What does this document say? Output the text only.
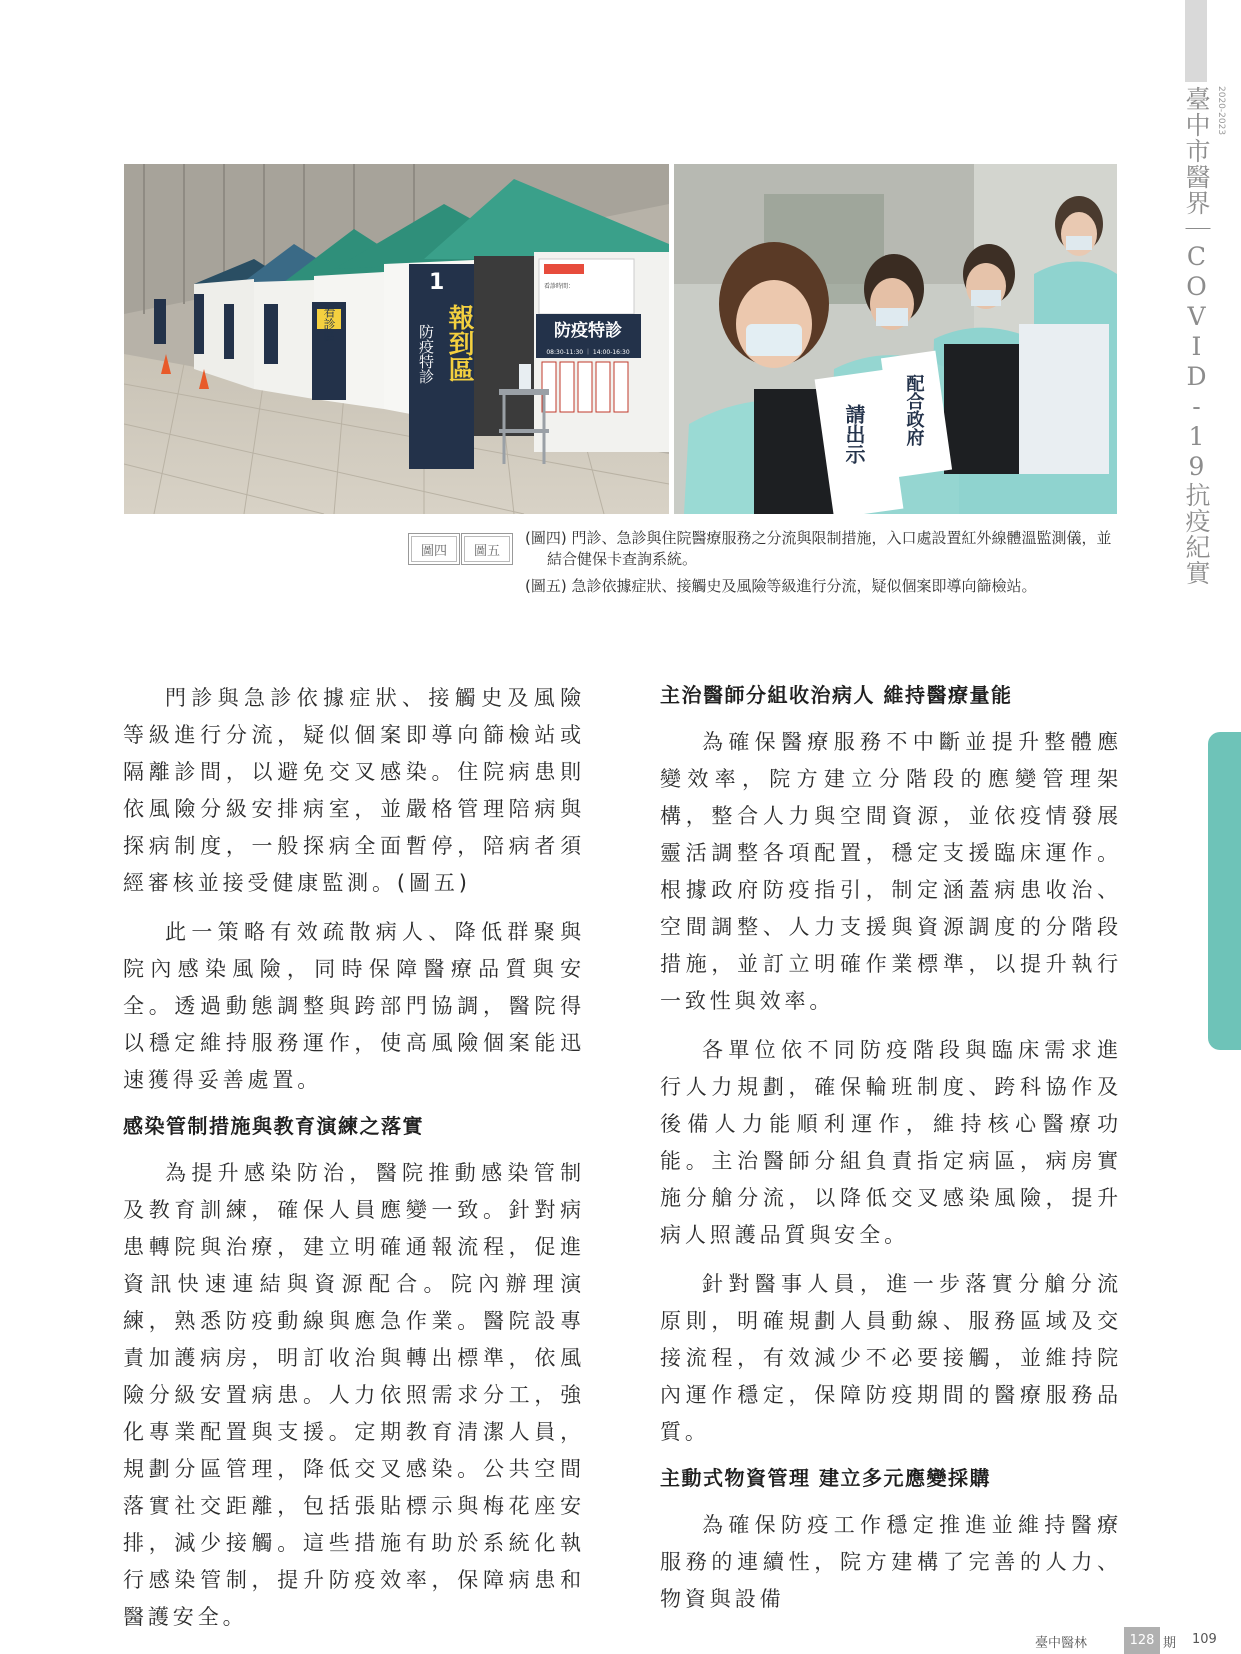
2020-2023
臺中市醫界｜COVID-19抗疫紀實
看診區
1
報到區
防疫特診
看診時間：
防疫特診
08:30-11:30 ｜ 14:00-16:30
請出示 配合政府
圖四	圖五

(圖四) 門診、急診與住院醫療服務之分流與限制措施，入口處設置紅外線體溫監測儀，並結合健保卡查詢系統。

(圖五) 急診依據症狀、接觸史及風險等級進行分流，疑似個案即導向篩檢站。

門診與急診依據症狀、接觸史及風險等級進行分流，疑似個案即導向篩檢站或隔離診間，以避免交叉感染。住院病患則依風險分級安排病室，並嚴格管理陪病與探病制度，一般探病全面暫停，陪病者須經審核並接受健康監測。(圖五)

此一策略有效疏散病人、降低群聚與院內感染風險，同時保障醫療品質與安全。透過動態調整與跨部門協調，醫院得以穩定維持服務運作，使高風險個案能迅速獲得妥善處置。

感染管制措施與教育演練之落實

為提升感染防治，醫院推動感染管制及教育訓練，確保人員應變一致。針對病患轉院與治療，建立明確通報流程，促進資訊快速連結與資源配合。院內辦理演練，熟悉防疫動線與應急作業。醫院設專責加護病房，明訂收治與轉出標準，依風險分級安置病患。人力依照需求分工，強化專業配置與支援。定期教育清潔人員，規劃分區管理，降低交叉感染。公共空間落實社交距離，包括張貼標示與梅花座安排，減少接觸。這些措施有助於系統化執行感染管制，提升防疫效率，保障病患和醫護安全。

主治醫師分組收治病人 維持醫療量能

為確保醫療服務不中斷並提升整體應變效率，院方建立分階段的應變管理架構，整合人力與空間資源，並依疫情發展靈活調整各項配置，穩定支援臨床運作。根據政府防疫指引，制定涵蓋病患收治、空間調整、人力支援與資源調度的分階段措施，並訂立明確作業標準，以提升執行一致性與效率。

各單位依不同防疫階段與臨床需求進行人力規劃，確保輪班制度、跨科協作及後備人力能順利運作，維持核心醫療功能。主治醫師分組負責指定病區，病房實施分艙分流，以降低交叉感染風險，提升病人照護品質與安全。

針對醫事人員，進一步落實分艙分流原則，明確規劃人員動線、服務區域及交接流程，有效減少不必要接觸，並維持院內運作穩定，保障防疫期間的醫療服務品質。

主動式物資管理 建立多元應變採購

為確保防疫工作穩定推進並維持醫療服務的連續性，院方建構了完善的人力、物資與設備

臺中醫林	128 期 109
